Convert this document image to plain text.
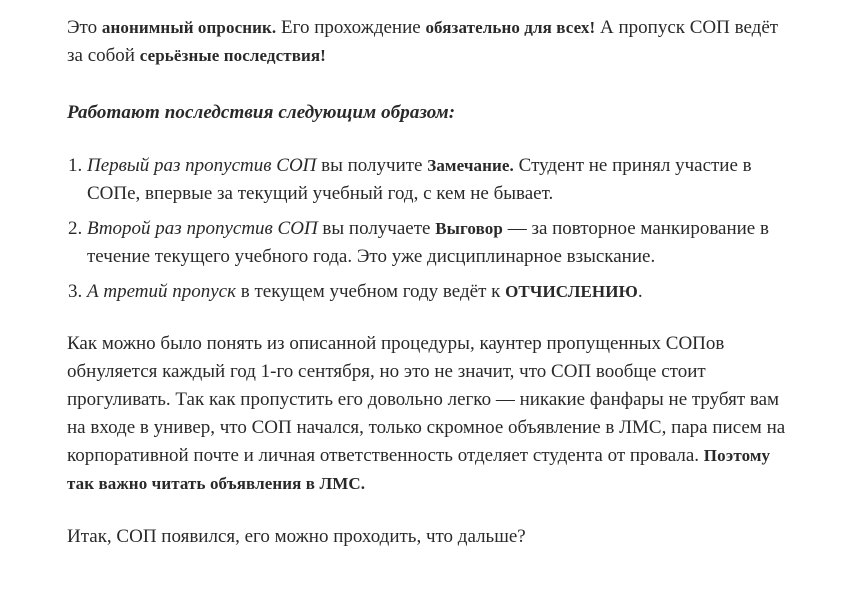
Это анонимный опросник. Его прохождение обязательно для всех! А пропуск СОП ведёт за собой серьёзные последствия!

Работают последствия следующим образом:

1. Первый раз пропустив СОП вы получите Замечание. Студент не принял участие в СОПе, впервые за текущий учебный год, с кем не бывает.
2. Второй раз пропустив СОП вы получаете Выговор — за повторное манкирование в течение текущего учебного года. Это уже дисциплинарное взыскание.
3. А третий пропуск в текущем учебном году ведёт к ОТЧИСЛЕНИЮ.

Как можно было понять из описанной процедуры, каунтер пропущенных СОПов обнуляется каждый год 1-го сентября, но это не значит, что СОП вообще стоит прогуливать. Так как пропустить его довольно легко — никакие фанфары не трубят вам на входе в универ, что СОП начался, только скромное объявление в ЛМС, пара писем на корпоративной почте и личная ответственность отделяет студента от провала. Поэтому так важно читать объявления в ЛМС.

Итак, СОП появился, его можно проходить, что дальше?
